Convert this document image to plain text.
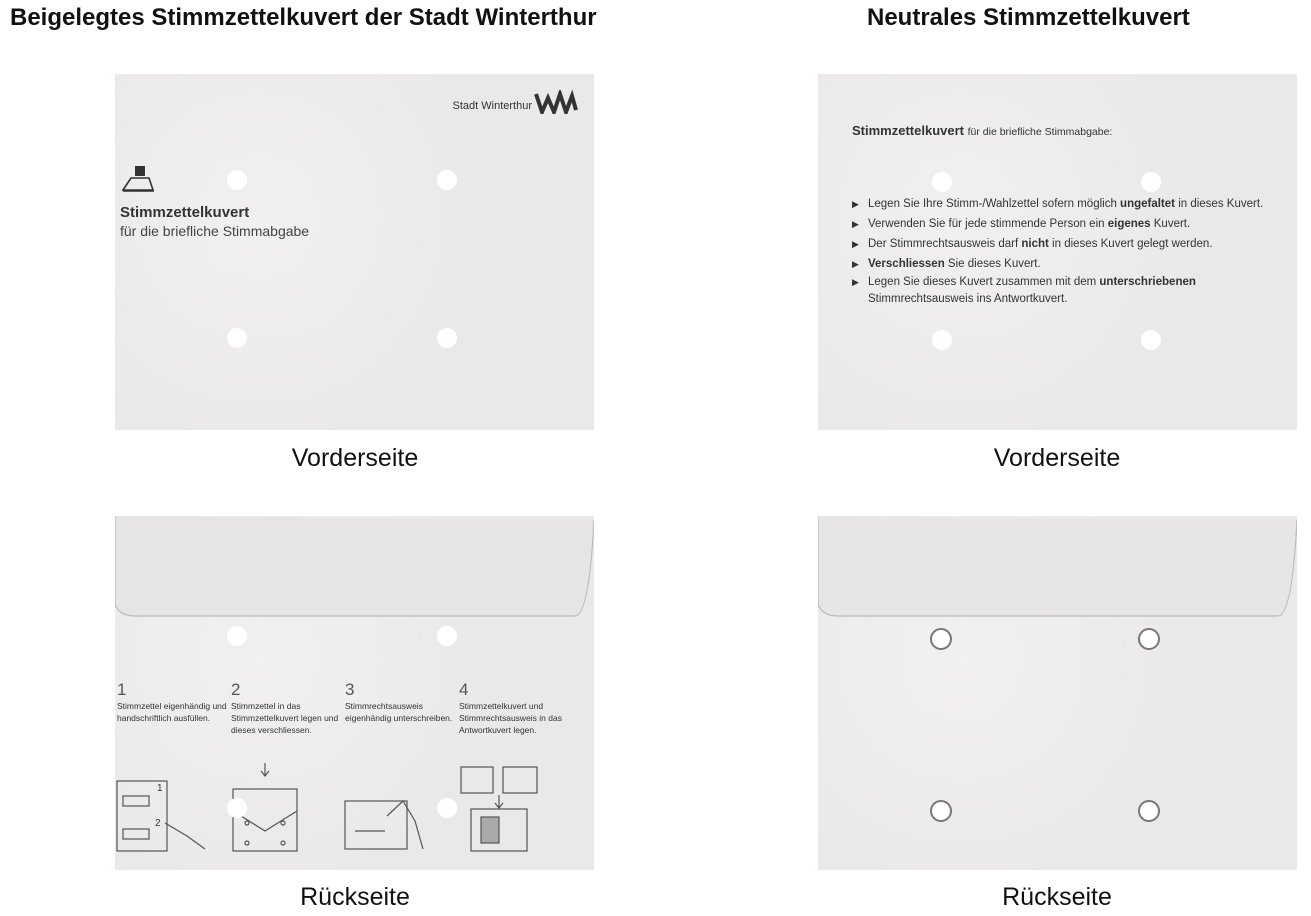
Beigelegtes Stimmzettelkuvert der Stadt Winterthur	Neutrales Stimmzettelkuvert
Stadt Winterthur
Stimmzettelkuvert
für die briefliche Stimmabgabe
Vorderseite
Stimmzettelkuvert für die briefliche Stimmabgabe:
▶ Legen Sie Ihre Stimm-/Wahlzettel sofern möglich ungefaltet in dieses Kuvert.
▶ Verwenden Sie für jede stimmende Person ein eigenes Kuvert.
▶ Der Stimmrechtsausweis darf nicht in dieses Kuvert gelegt werden.
▶ Verschliessen Sie dieses Kuvert.
▶ Legen Sie dieses Kuvert zusammen mit dem unterschriebenen
Stimmrechtsausweis ins Antwortkuvert.
Vorderseite
1
Stimmzettel eigenhändig und handschriftlich ausfüllen.
2
Stimmzettel in das Stimmzettelkuvert legen und dieses verschliessen.
3
Stimmrechtsausweis eigenhändig unterschreiben.
4
Stimmzettelkuvert und Stimmrechtsausweis in das Antwortkuvert legen.
1
2
Rückseite	Rückseite
